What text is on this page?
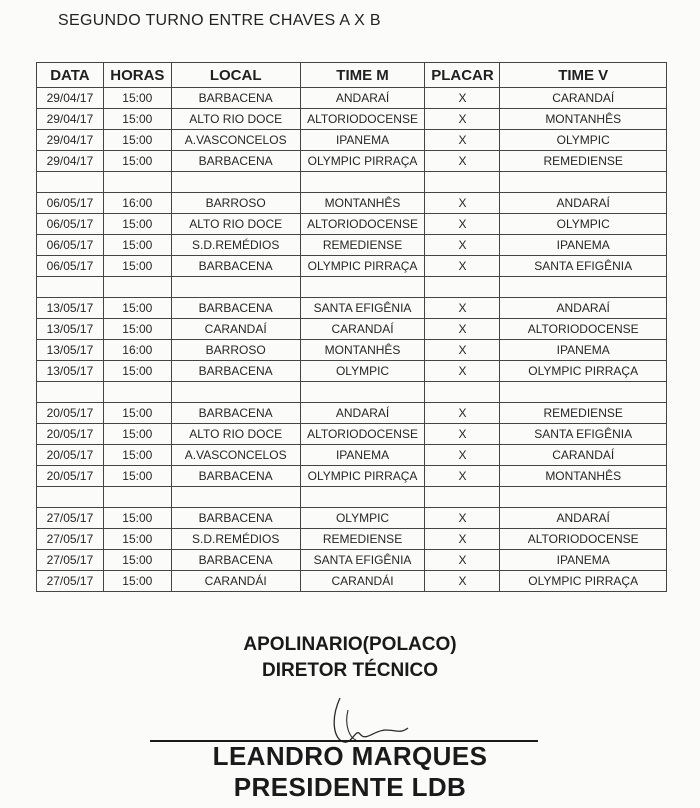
SEGUNDO TURNO ENTRE CHAVES A X B
DATA	HORAS	LOCAL	TIME M	PLACAR	TIME V
29/04/17	15:00	BARBACENA	ANDARAÍ	X	CARANDAÍ
29/04/17	15:00	ALTO RIO DOCE	ALTORIODOCENSE	X	MONTANHÊS
29/04/17	15:00	A.VASCONCELOS	IPANEMA	X	OLYMPIC
29/04/17	15:00	BARBACENA	OLYMPIC PIRRAÇA	X	REMEDIENSE

06/05/17	16:00	BARROSO	MONTANHÊS	X	ANDARAÍ
06/05/17	15:00	ALTO RIO DOCE	ALTORIODOCENSE	X	OLYMPIC
06/05/17	15:00	S.D.REMÉDIOS	REMEDIENSE	X	IPANEMA
06/05/17	15:00	BARBACENA	OLYMPIC PIRRAÇA	X	SANTA EFIGÊNIA

13/05/17	15:00	BARBACENA	SANTA EFIGÊNIA	X	ANDARAÍ
13/05/17	15:00	CARANDAÍ	CARANDAÍ	X	ALTORIODOCENSE
13/05/17	16:00	BARROSO	MONTANHÊS	X	IPANEMA
13/05/17	15:00	BARBACENA	OLYMPIC	X	OLYMPIC PIRRAÇA

20/05/17	15:00	BARBACENA	ANDARAÍ	X	REMEDIENSE
20/05/17	15:00	ALTO RIO DOCE	ALTORIODOCENSE	X	SANTA EFIGÊNIA
20/05/17	15:00	A.VASCONCELOS	IPANEMA	X	CARANDAÍ
20/05/17	15:00	BARBACENA	OLYMPIC PIRRAÇA	X	MONTANHÊS

27/05/17	15:00	BARBACENA	OLYMPIC	X	ANDARAÍ
27/05/17	15:00	S.D.REMÉDIOS	REMEDIENSE	X	ALTORIODOCENSE
27/05/17	15:00	BARBACENA	SANTA EFIGÊNIA	X	IPANEMA
27/05/17	15:00	CARANDÁI	CARANDÁI	X	OLYMPIC PIRRAÇA
APOLINARIO(POLACO)
DIRETOR TÉCNICO
LEANDRO MARQUES
PRESIDENTE LDB
